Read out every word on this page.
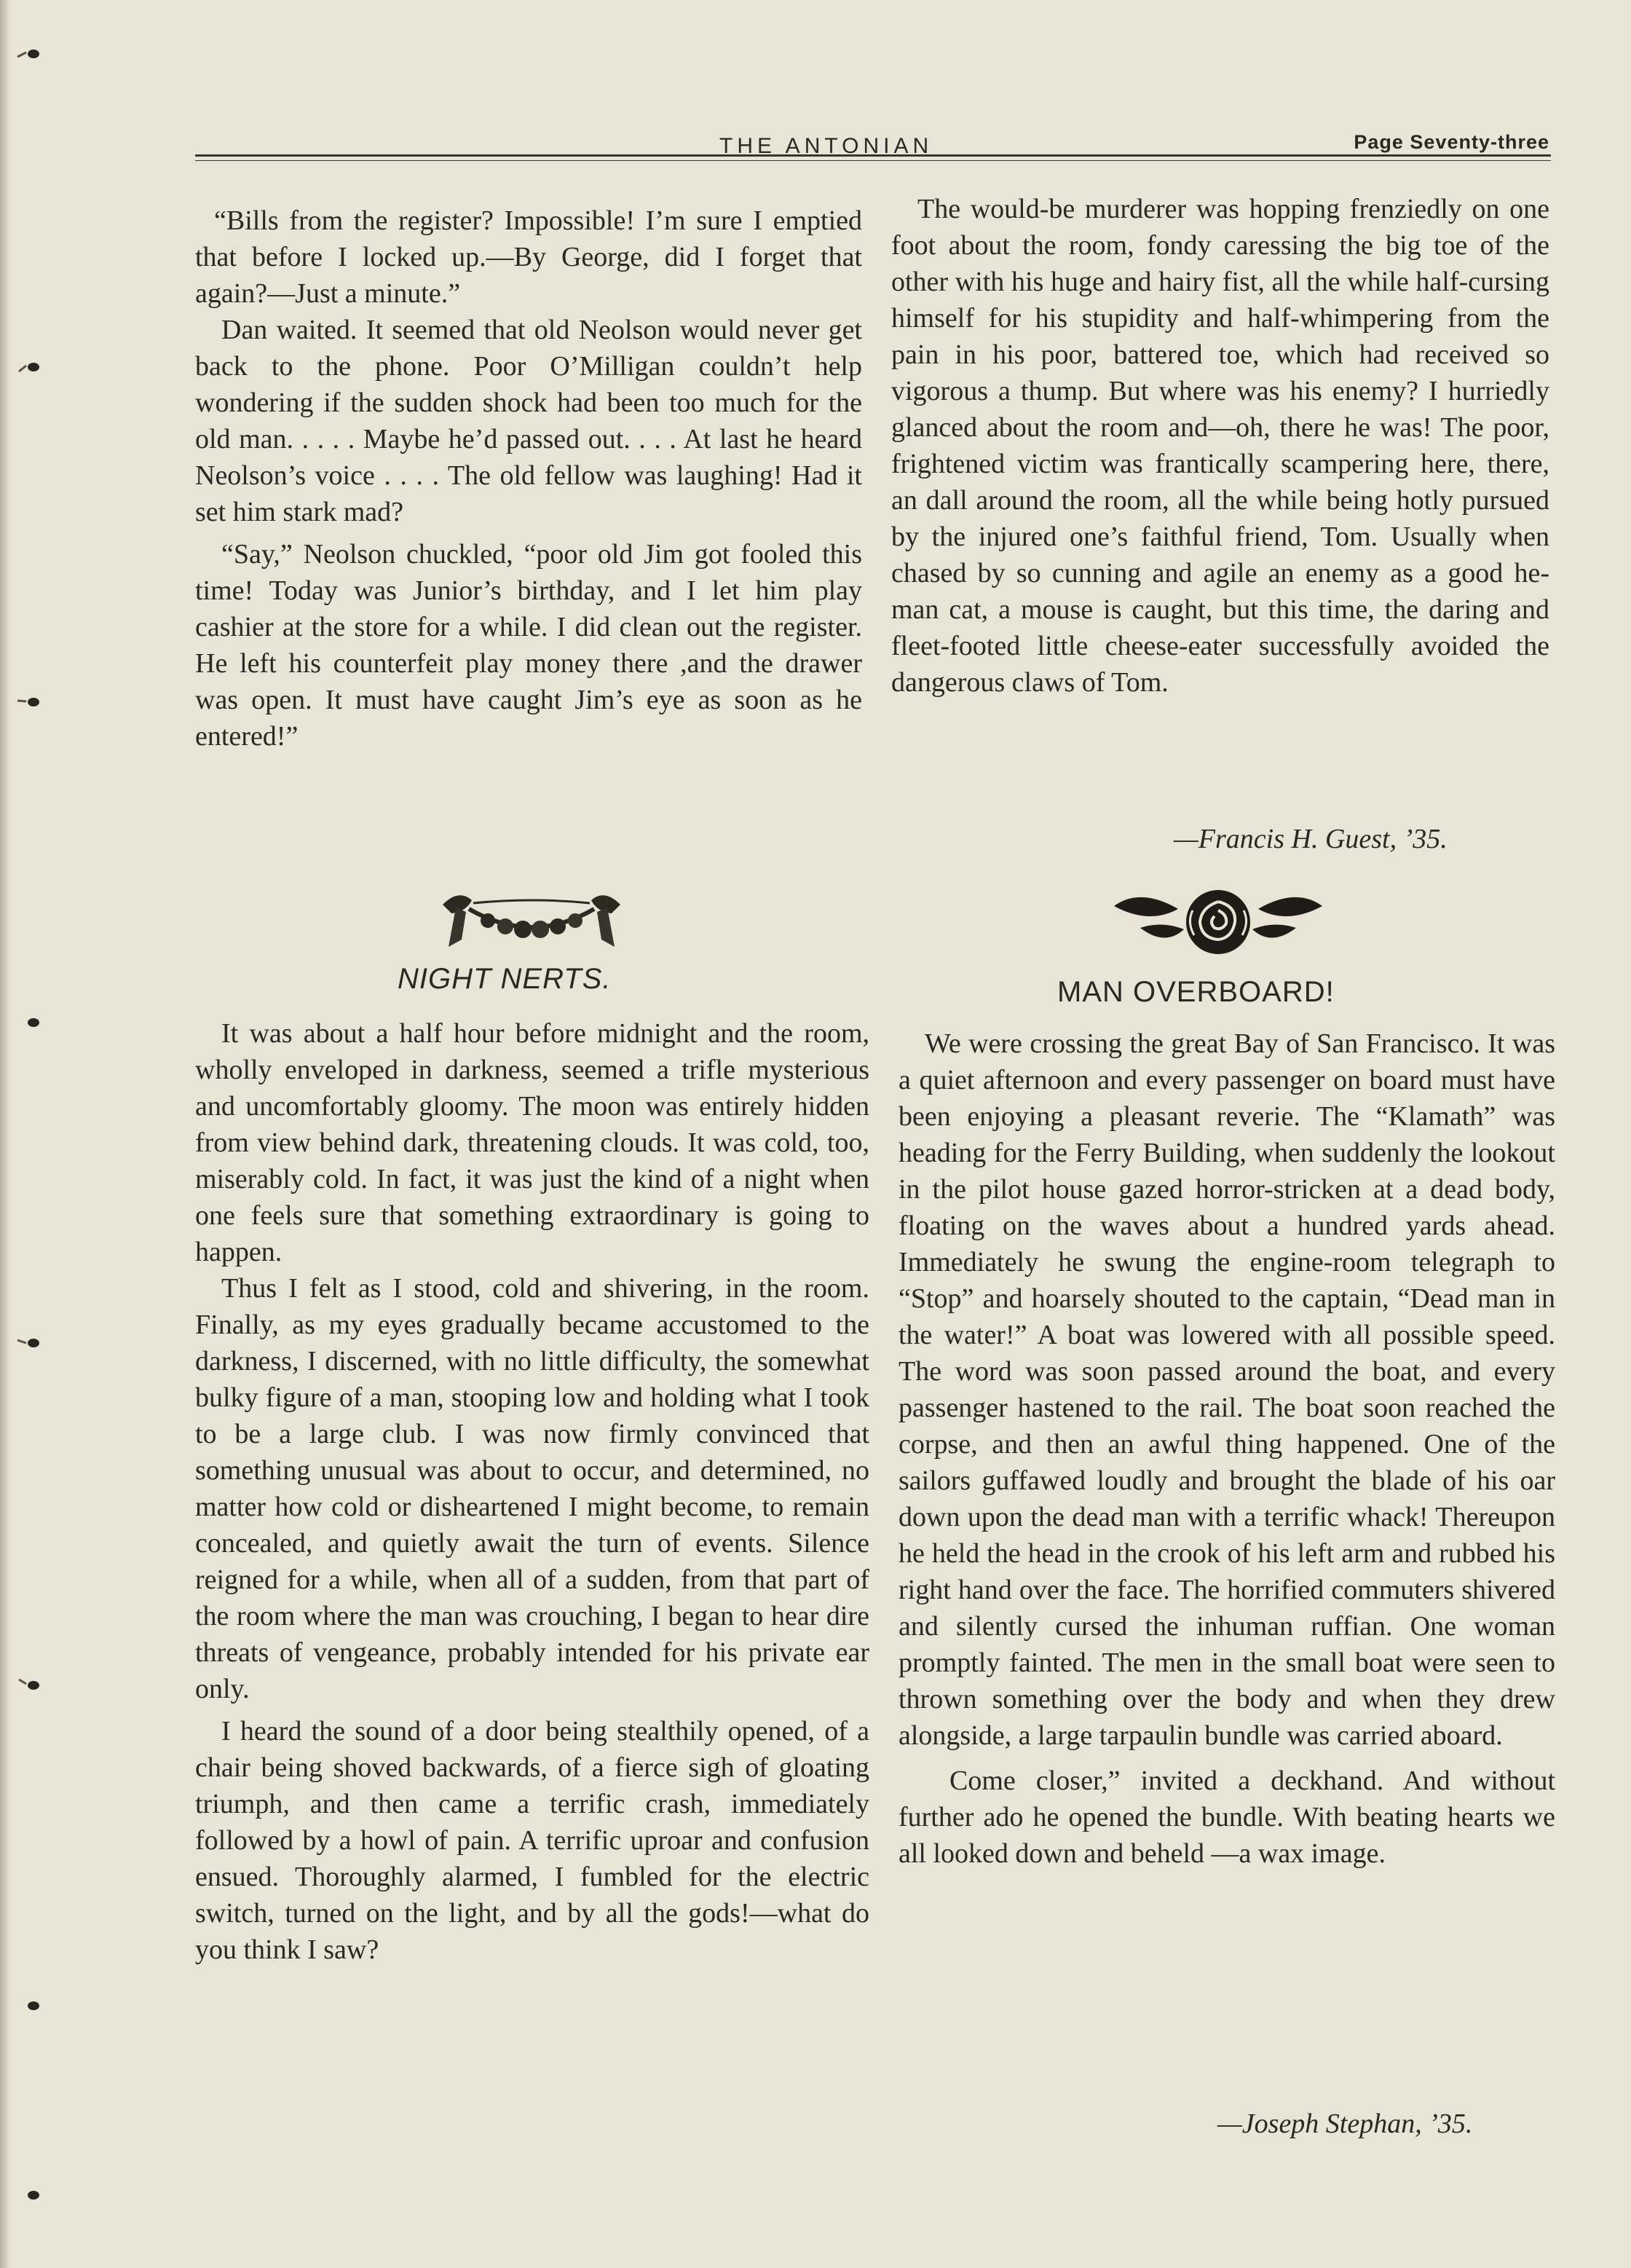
THE ANTONIAN	Page Seventy-three

“Bills from the register? Impossible! I’m sure I emptied that before I locked up.—By George, did I forget that again?—Just a minute.”

Dan waited. It seemed that old Neolson would never get back to the phone. Poor O’Milligan couldn’t help wondering if the sudden shock had been too much for the old man. . . . . Maybe he’d passed out. . . . At last he heard Neolson’s voice . . . . The old fellow was laughing! Had it set him stark mad?

“Say,” Neolson chuckled, “poor old Jim got fooled this time! Today was Junior’s birthday, and I let him play cashier at the store for a while. I did clean out the register. He left his counterfeit play money there ,and the drawer was open. It must have caught Jim’s eye as soon as he entered!”

The would-be murderer was hopping frenziedly on one foot about the room, fondy caressing the big toe of the other with his huge and hairy fist, all the while half-cursing himself for his stupidity and half-whimpering from the pain in his poor, battered toe, which had received so vigorous a thump. But where was his enemy? I hurriedly glanced about the room and—oh, there he was! The poor, frightened victim was frantically scampering here, there, an dall around the room, all the while being hotly pursued by the injured one’s faithful friend, Tom. Usually when chased by so cunning and agile an enemy as a good he-man cat, a mouse is caught, but this time, the daring and fleet-footed little cheese-eater successfully avoided the dangerous claws of Tom.

—Francis H. Guest, ’35.
NIGHT NERTS.

It was about a half hour before midnight and the room, wholly enveloped in darkness, seemed a trifle mysterious and uncomfortably gloomy. The moon was entirely hidden from view behind dark, threatening clouds. It was cold, too, miserably cold. In fact, it was just the kind of a night when one feels sure that something extraordinary is going to happen.

Thus I felt as I stood, cold and shivering, in the room. Finally, as my eyes gradually became accustomed to the darkness, I discerned, with no little difficulty, the somewhat bulky figure of a man, stooping low and holding what I took to be a large club. I was now firmly convinced that something unusual was about to occur, and determined, no matter how cold or disheartened I might become, to remain concealed, and quietly await the turn of events. Silence reigned for a while, when all of a sudden, from that part of the room where the man was crouching, I began to hear dire threats of vengeance, probably intended for his private ear only.

I heard the sound of a door being stealthily opened, of a chair being shoved backwards, of a fierce sigh of gloating triumph, and then came a terrific crash, immediately followed by a howl of pain. A terrific uproar and confusion ensued. Thoroughly alarmed, I fumbled for the electric switch, turned on the light, and by all the gods!—what do you think I saw?

MAN OVERBOARD!

We were crossing the great Bay of San Francisco. It was a quiet afternoon and every passenger on board must have been enjoying a pleasant reverie. The “Klamath” was heading for the Ferry Building, when suddenly the lookout in the pilot house gazed horror-stricken at a dead body, floating on the waves about a hundred yards ahead. Immediately he swung the engine-room telegraph to “Stop” and hoarsely shouted to the captain, “Dead man in the water!” A boat was lowered with all possible speed. The word was soon passed around the boat, and every passenger hastened to the rail. The boat soon reached the corpse, and then an awful thing happened. One of the sailors guffawed loudly and brought the blade of his oar down upon the dead man with a terrific whack! Thereupon he held the head in the crook of his left arm and rubbed his right hand over the face. The horrified commuters shivered and silently cursed the inhuman ruffian. One woman promptly fainted. The men in the small boat were seen to thrown something over the body and when they drew alongside, a large tarpaulin bundle was carried aboard.

Come closer,” invited a deckhand. And without further ado he opened the bundle. With beating hearts we all looked down and beheld —a wax image.

—Joseph Stephan, ’35.
